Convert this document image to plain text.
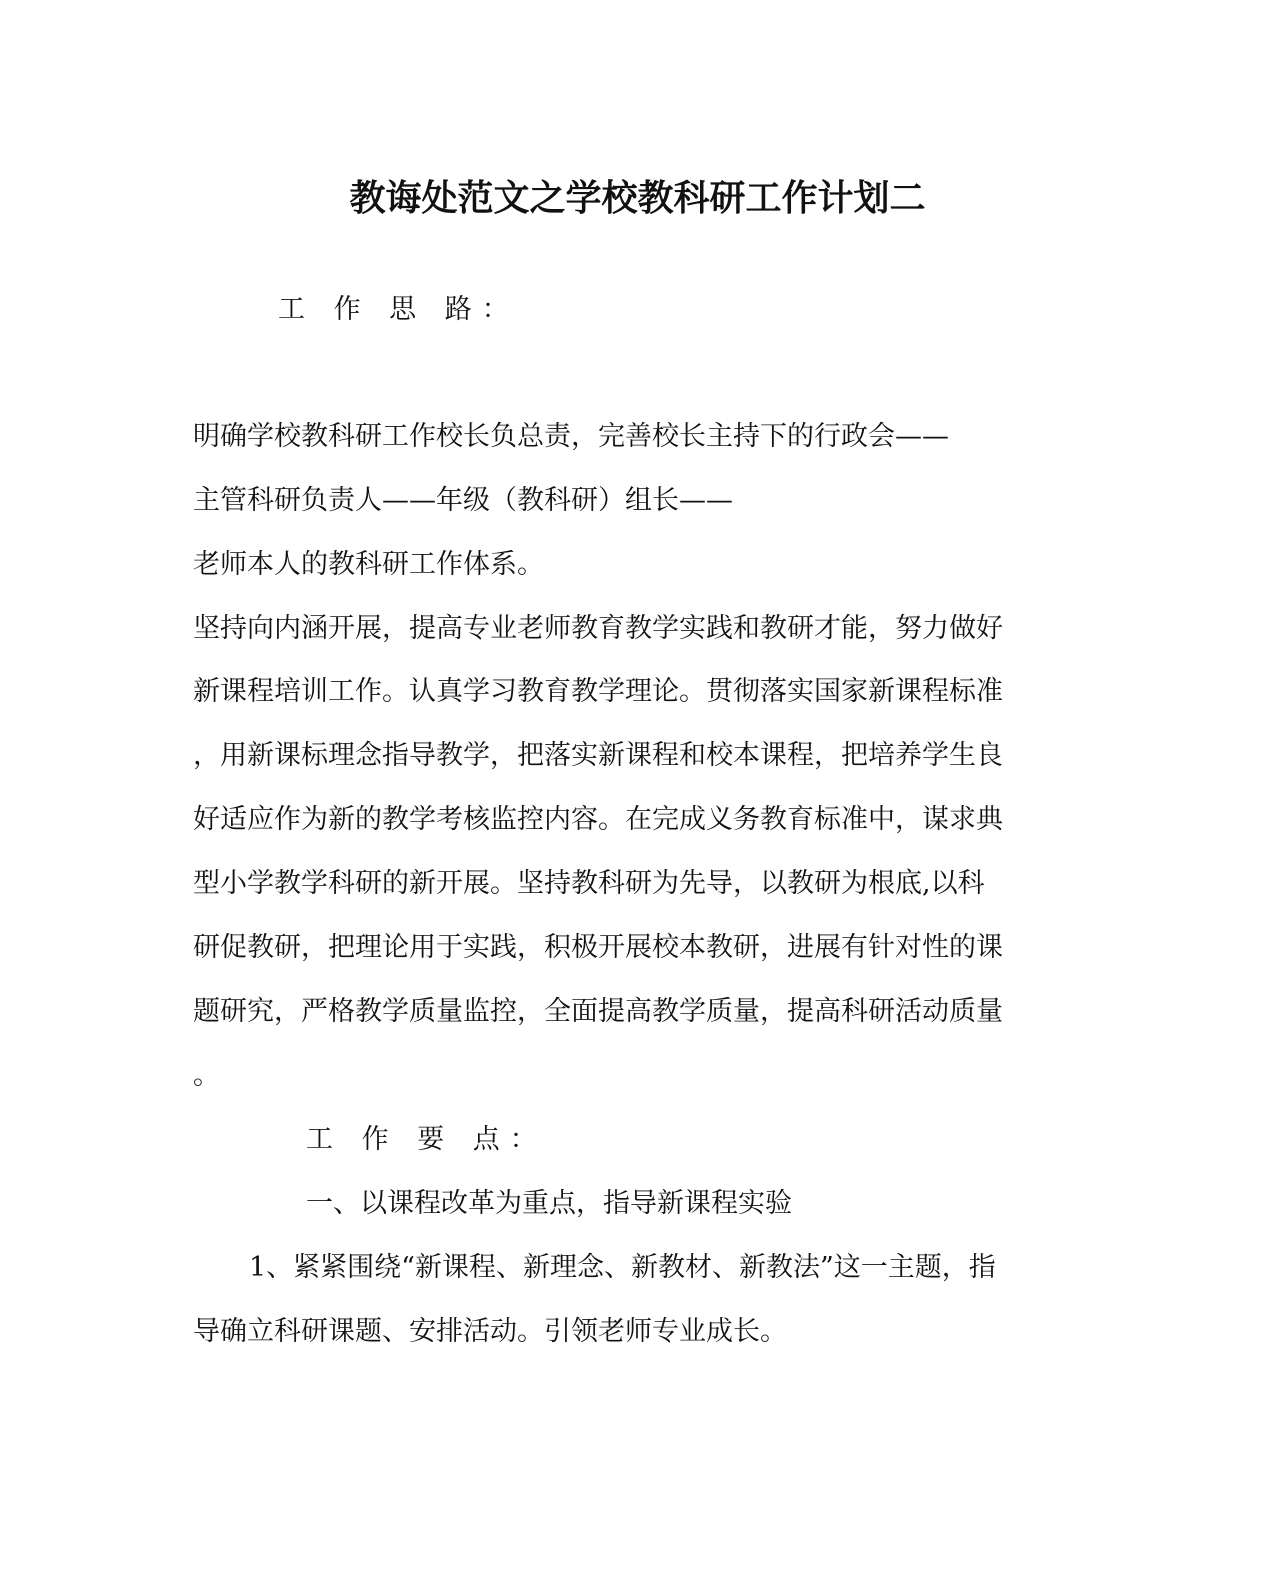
教诲处范文之学校教科研工作计划二
工 作 思 路：
明确学校教科研工作校长负总责，完善校长主持下的行政会——
主管科研负责人——年级（教科研）组长——
老师本人的教科研工作体系。
坚持向内涵开展，提高专业老师教育教学实践和教研才能，努力做好
新课程培训工作。认真学习教育教学理论。贯彻落实国家新课程标准
，用新课标理念指导教学，把落实新课程和校本课程，把培养学生良
好适应作为新的教学考核监控内容。在完成义务教育标准中，谋求典
型小学教学科研的新开展。坚持教科研为先导，以教研为根底,以科
研促教研，把理论用于实践，积极开展校本教研，进展有针对性的课
题研究，严格教学质量监控，全面提高教学质量，提高科研活动质量
。
工 作 要 点：
一、以课程改革为重点，指导新课程实验
1、紧紧围绕“新课程、新理念、新教材、新教法”这一主题，指
导确立科研课题、安排活动。引领老师专业成长。
